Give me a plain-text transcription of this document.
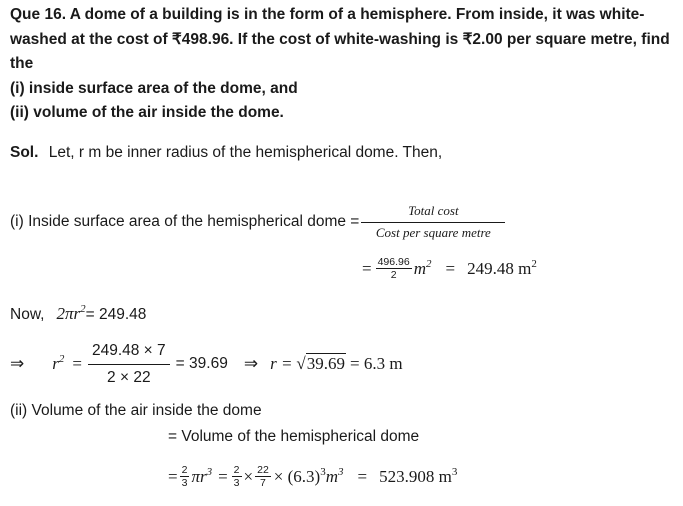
Que 16. A dome of a building is in the form of a hemisphere. From inside, it was white-
washed at the cost of ₹498.96. If the cost of white-washing is ₹2.00 per square metre, find
the
(i) inside surface area of the dome, and
(ii) volume of the air inside the dome.
Sol. Let, r m be inner radius of the hemispherical dome. Then,
(i) Inside surface area of the hemispherical dome = $\frac{\text{Total cost}}{\text{Cost per square metre}}$
= $\frac{496.96}{2} m^2 = 249.48$ $m^2$
Now, $2\pi r^2 = 249.48$
⇒ $r^2 = \frac{249.48 \times 7}{2 \times 22} = 39.69$ ⇒ r = √39.69 = 6.3 m
(ii) Volume of the air inside the dome
= Volume of the hemispherical dome
= $\frac{2}{3} \pi r^3 = \frac{2}{3} \times \frac{22}{7} \times (6.3)^3$ $m^3 = 523.908$ $m^3$
